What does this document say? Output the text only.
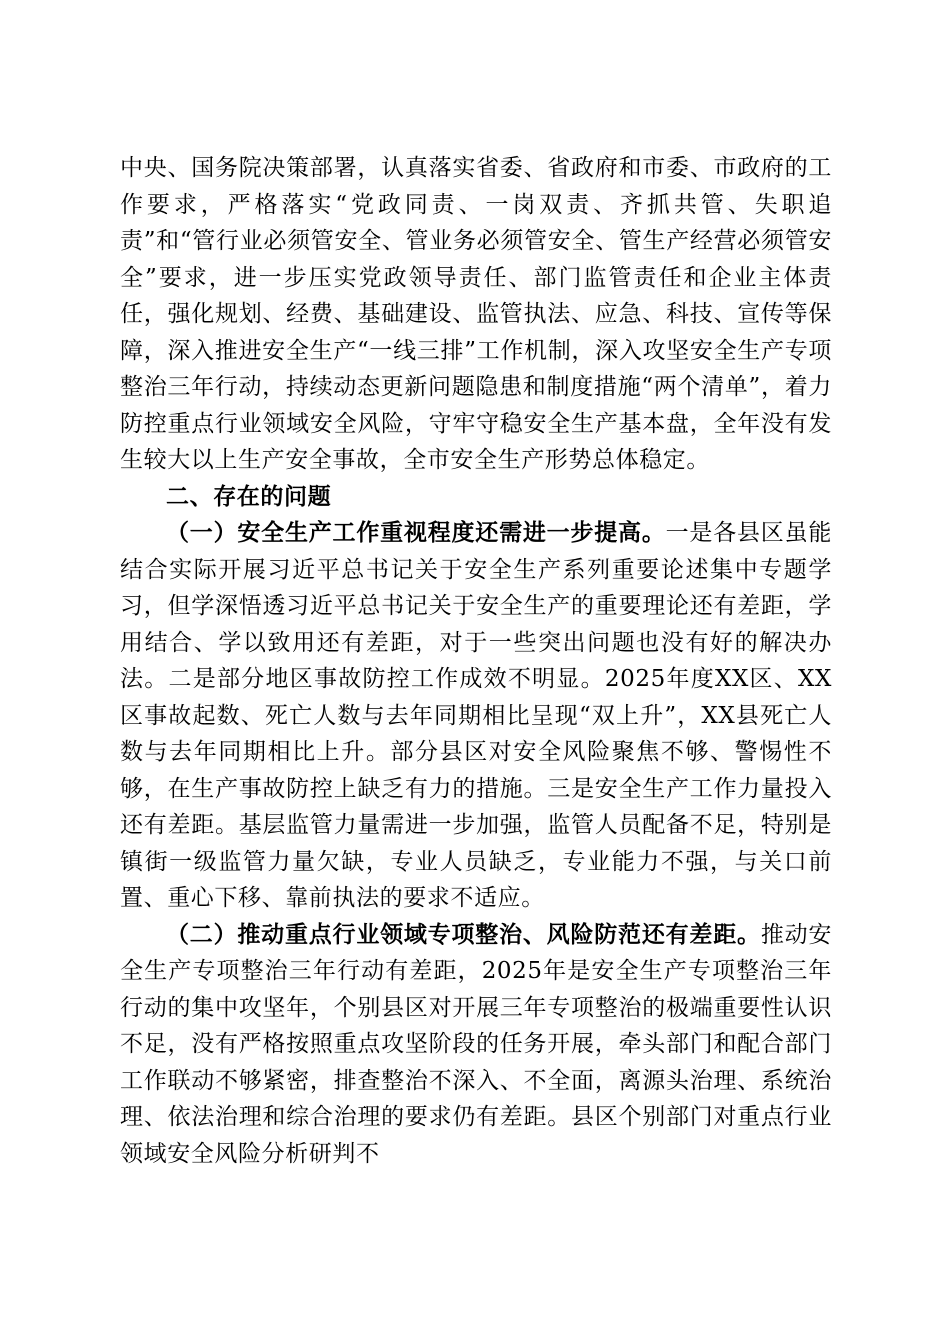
中央、国务院决策部署，认真落实省委、省政府和市委、市政府的工作要求，严格落实“党政同责、一岗双责、齐抓共管、失职追责”和“管行业必须管安全、管业务必须管安全、管生产经营必须管安全”要求，进一步压实党政领导责任、部门监管责任和企业主体责任，强化规划、经费、基础建设、监管执法、应急、科技、宣传等保障，深入推进安全生产“一线三排”工作机制，深入攻坚安全生产专项整治三年行动，持续动态更新问题隐患和制度措施“两个清单”，着力防控重点行业领域安全风险，守牢守稳安全生产基本盘，全年没有发生较大以上生产安全事故，全市安全生产形势总体稳定。

二、存在的问题

（一）安全生产工作重视程度还需进一步提高。一是各县区虽能结合实际开展习近平总书记关于安全生产系列重要论述集中专题学习，但学深悟透习近平总书记关于安全生产的重要理论还有差距，学用结合、学以致用还有差距，对于一些突出问题也没有好的解决办法。二是部分地区事故防控工作成效不明显。2025年度XX区、XX区事故起数、死亡人数与去年同期相比呈现“双上升”，XX县死亡人数与去年同期相比上升。部分县区对安全风险聚焦不够、警惕性不够，在生产事故防控上缺乏有力的措施。三是安全生产工作力量投入还有差距。基层监管力量需进一步加强，监管人员配备不足，特别是镇街一级监管力量欠缺，专业人员缺乏，专业能力不强，与关口前置、重心下移、靠前执法的要求不适应。

（二）推动重点行业领域专项整治、风险防范还有差距。推动安全生产专项整治三年行动有差距，2025年是安全生产专项整治三年行动的集中攻坚年，个别县区对开展三年专项整治的极端重要性认识不足，没有严格按照重点攻坚阶段的任务开展，牵头部门和配合部门工作联动不够紧密，排查整治不深入、不全面，离源头治理、系统治理、依法治理和综合治理的要求仍有差距。县区个别部门对重点行业领域安全风险分析研判不
